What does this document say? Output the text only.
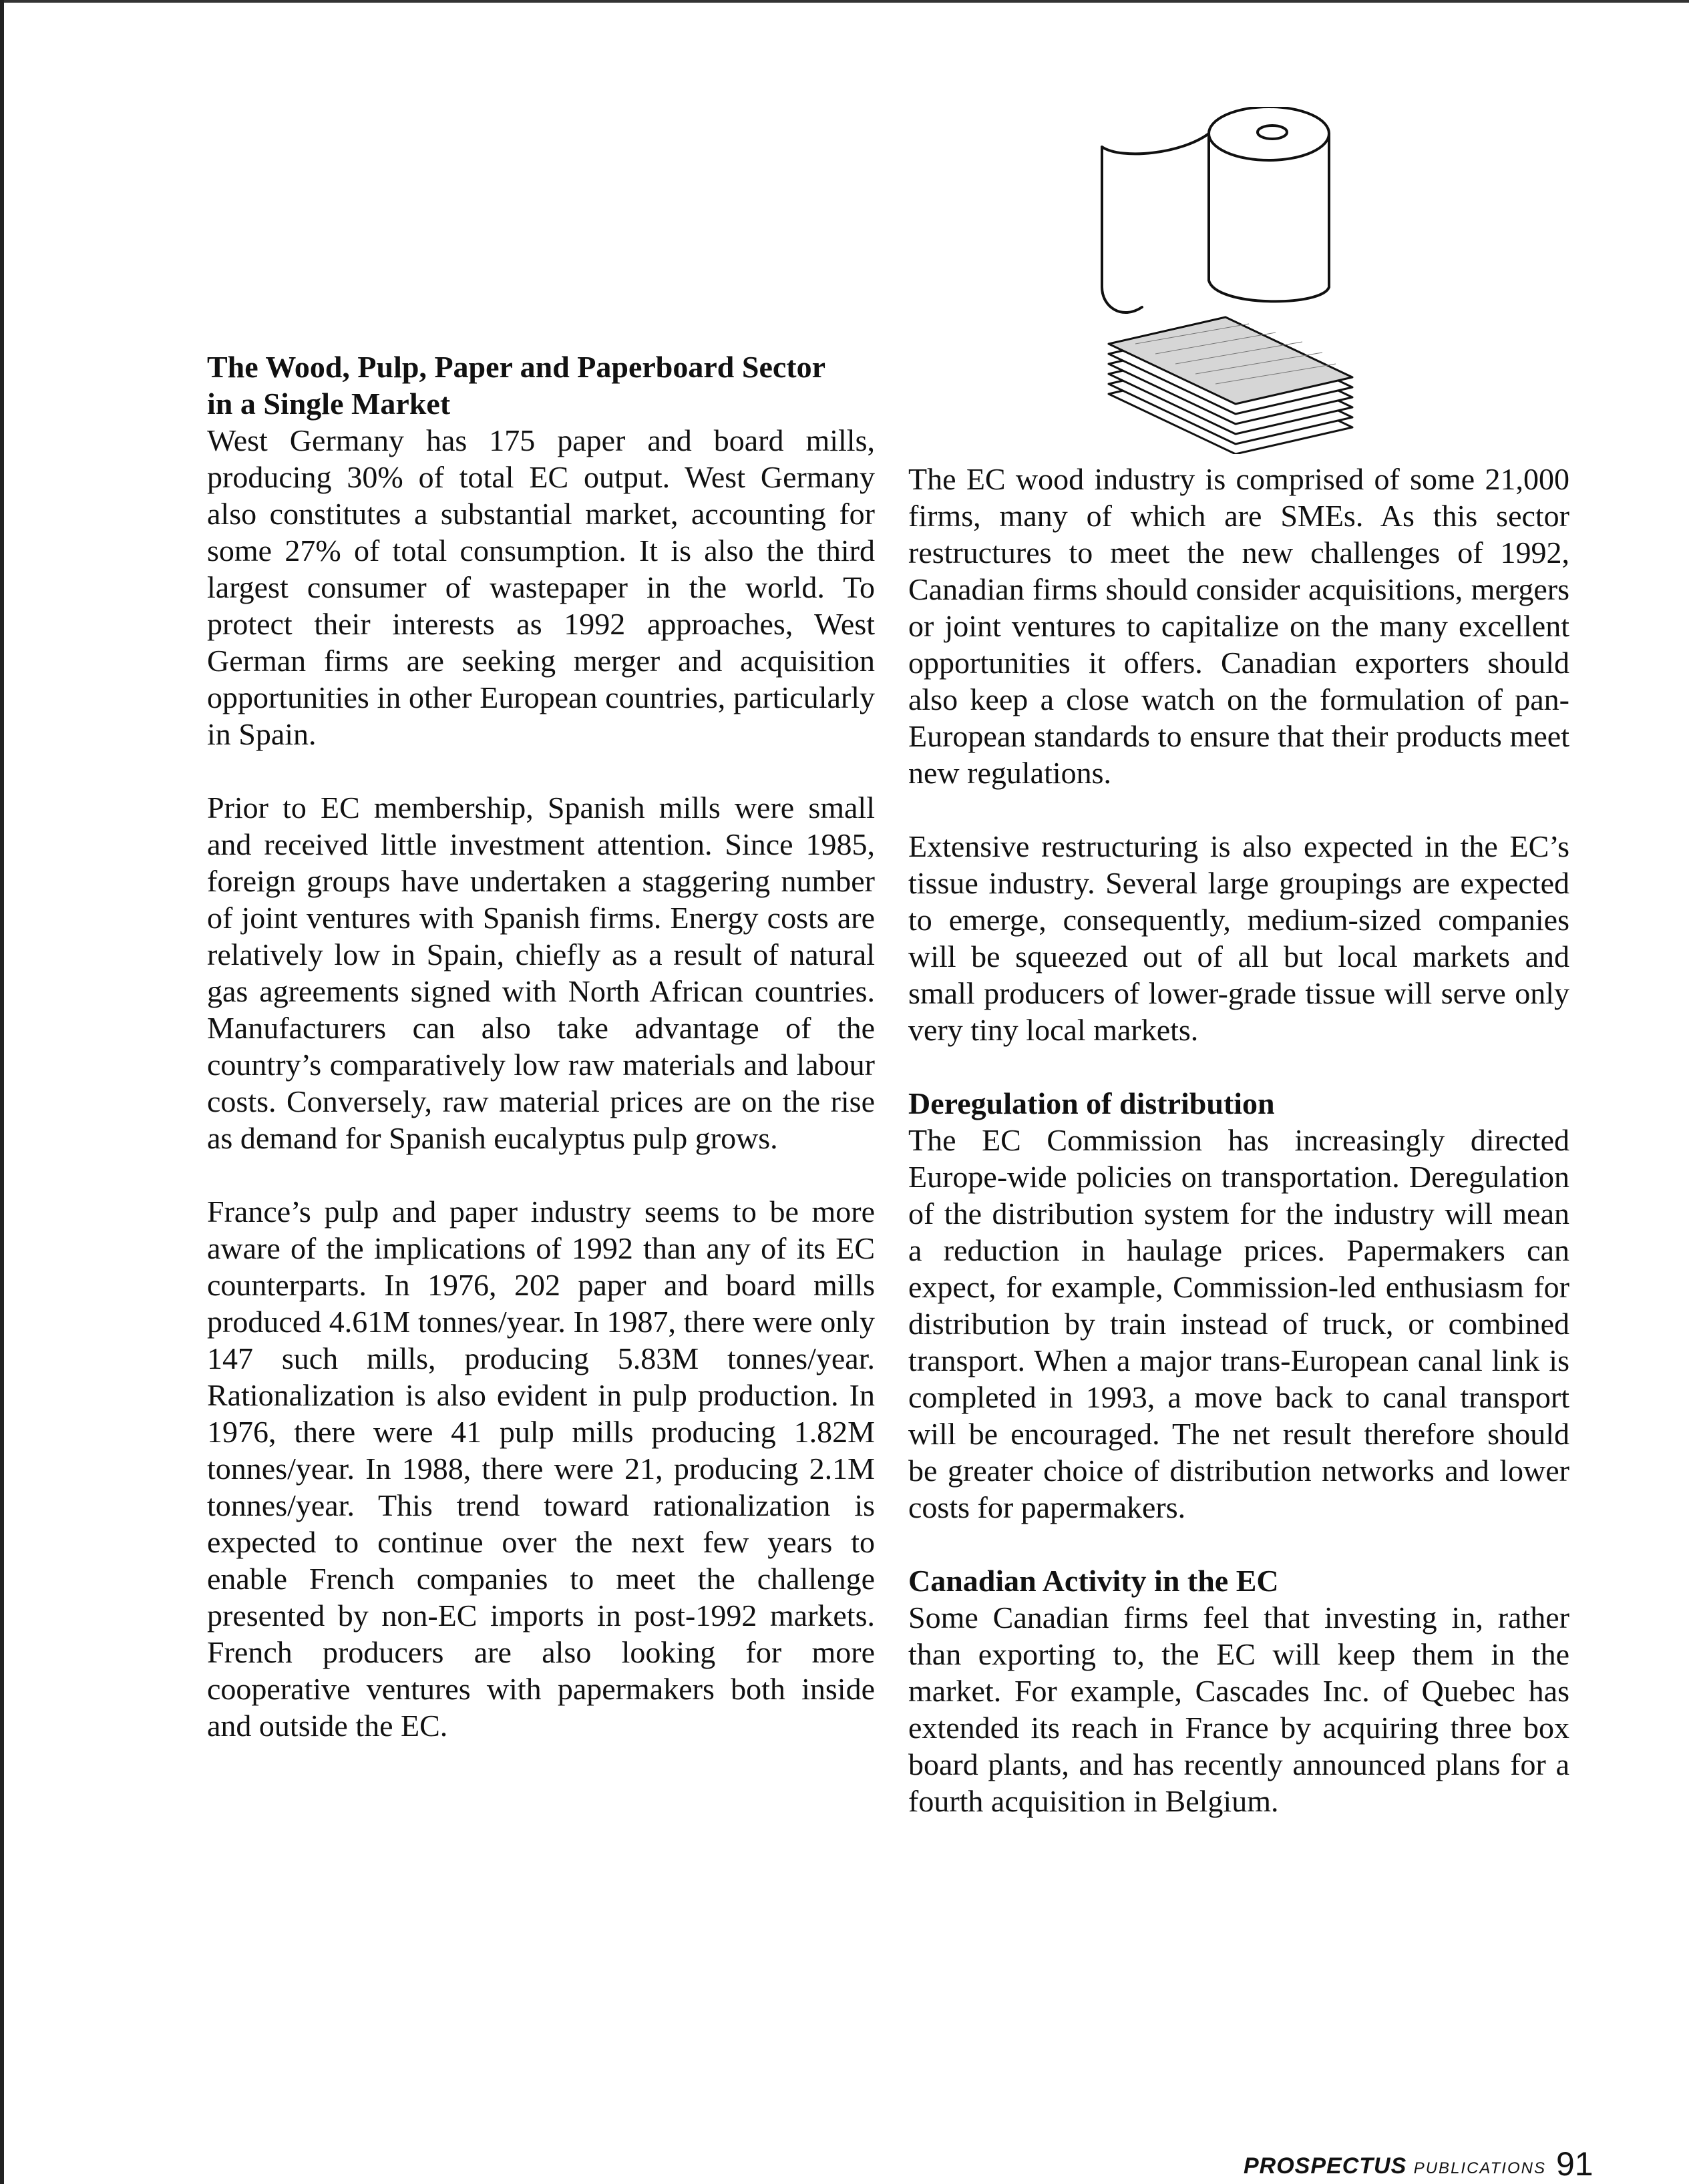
The Wood, Pulp, Paper and Paperboard Sector
in a Single Market

West Germany has 175 paper and board mills, producing 30% of total EC output. West Germany also constitutes a substantial market, accounting for some 27% of total consumption. It is also the third largest consumer of wastepaper in the world. To protect their interests as 1992 approaches, West German firms are seeking merger and acquisition opportunities in other European countries, particularly in Spain.

Prior to EC membership, Spanish mills were small and received little investment attention. Since 1985, foreign groups have undertaken a staggering number of joint ventures with Spanish firms. Energy costs are relatively low in Spain, chiefly as a result of natural gas agreements signed with North African countries. Manufacturers can also take advantage of the country’s comparatively low raw materials and labour costs. Conversely, raw material prices are on the rise as demand for Spanish eucalyptus pulp grows.

France’s pulp and paper industry seems to be more aware of the implications of 1992 than any of its EC counterparts. In 1976, 202 paper and board mills produced 4.61M tonnes/year. In 1987, there were only 147 such mills, producing 5.83M tonnes/year. Rationalization is also evident in pulp production. In 1976, there were 41 pulp mills producing 1.82M tonnes/year. In 1988, there were 21, producing 2.1M tonnes/year. This trend toward rationalization is expected to continue over the next few years to enable French companies to meet the challenge presented by non-EC imports in post-1992 markets. French producers are also looking for more cooperative ventures with papermakers both inside and outside the EC.

The EC wood industry is comprised of some 21,000 firms, many of which are SMEs. As this sector restructures to meet the new challenges of 1992, Canadian firms should consider acquisitions, mergers or joint ventures to capitalize on the many excellent opportunities it offers. Canadian exporters should also keep a close watch on the formulation of pan-European standards to ensure that their products meet new regulations.

Extensive restructuring is also expected in the EC’s tissue industry. Several large groupings are expected to emerge, consequently, medium-sized companies will be squeezed out of all but local markets and small producers of lower-grade tissue will serve only very tiny local markets.

Deregulation of distribution

The EC Commission has increasingly directed Europe-wide policies on transportation. Deregulation of the distribution system for the industry will mean a reduction in haulage prices. Papermakers can expect, for example, Commission-led enthusiasm for distribution by train instead of truck, or combined transport. When a major trans-European canal link is completed in 1993, a move back to canal transport will be encouraged. The net result therefore should be greater choice of distribution networks and lower costs for papermakers.

Canadian Activity in the EC

Some Canadian firms feel that investing in, rather than exporting to, the EC will keep them in the market. For example, Cascades Inc. of Quebec has extended its reach in France by acquiring three box board plants, and has recently announced plans for a fourth acquisition in Belgium.

PROSPECTUS PUBLICATIONS 91
